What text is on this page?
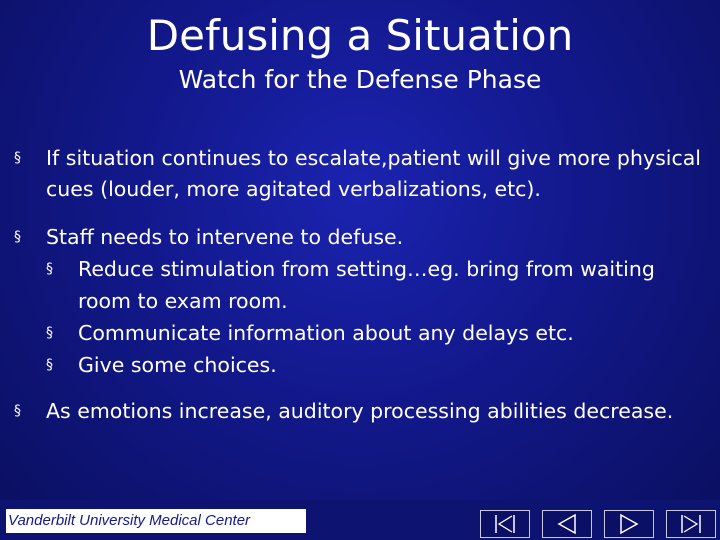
Defusing a Situation
Watch for the Defense Phase
§ If situation continues to escalate,patient will give more physical cues (louder, more agitated verbalizations, etc).
§ Staff needs to intervene to defuse.
§ Reduce stimulation from setting…eg. bring from waiting room to exam room.
§ Communicate information about any delays etc.
§ Give some choices.
§ As emotions increase, auditory processing abilities decrease.
Vanderbilt University Medical Center
